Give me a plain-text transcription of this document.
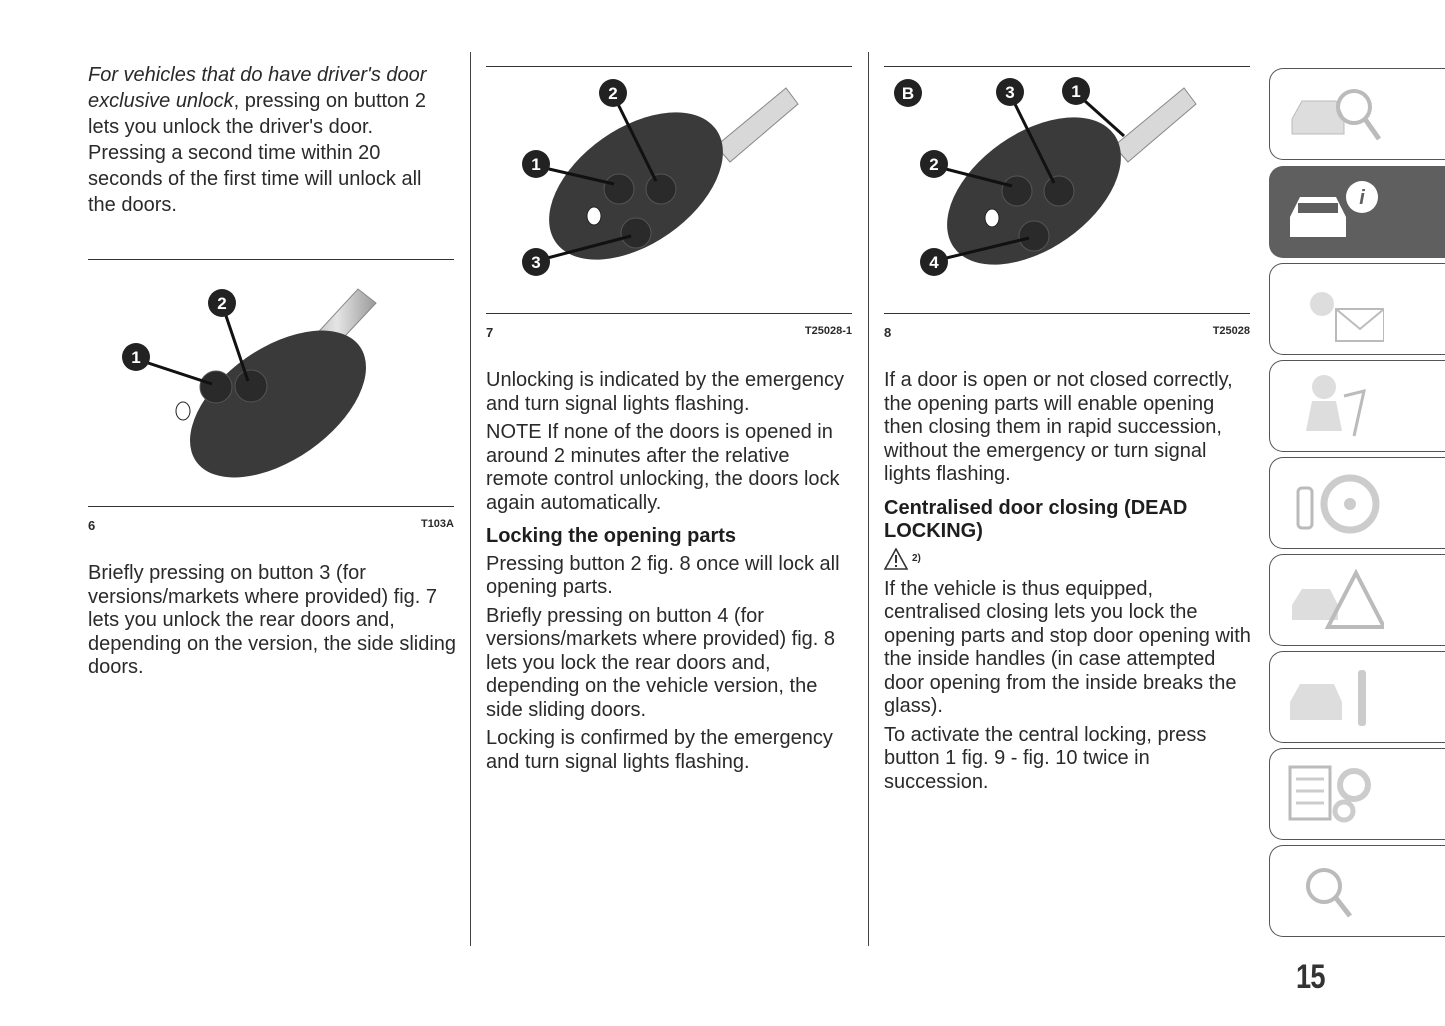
For vehicles that do have driver's door exclusive unlock, pressing on button 2 lets you unlock the driver's door. Pressing a second time within 20 seconds of the first time will unlock all the doors.
1
2
6	T103A

Briefly pressing on button 3 (for versions/markets where provided) fig. 7 lets you unlock the rear doors and, depending on the version, the side sliding doors.

1
2
3
7	T25028-1

Unlocking is indicated by the emergency and turn signal lights flashing.

NOTE If none of the doors is opened in around 2 minutes after the relative remote control unlocking, the doors lock again automatically.

Locking the opening parts

Pressing button 2 fig. 8 once will lock all opening parts.

Briefly pressing on button 4 (for versions/markets where provided) fig. 8 lets you lock the rear doors and, depending on the vehicle version, the side sliding doors.

Locking is confirmed by the emergency and turn signal lights flashing.

B	1
2
3
4
8	T25028

If a door is open or not closed correctly, the opening parts will enable opening then closing them in rapid succession, without the emergency or turn signal lights flashing.

Centralised door closing (DEAD LOCKING)
2)

If the vehicle is thus equipped, centralised closing lets you lock the opening parts and stop door opening with the inside handles (in case attempted door opening from the inside breaks the glass).

To activate the central locking, press button 1 fig. 9 - fig. 10 twice in succession.

i
15
